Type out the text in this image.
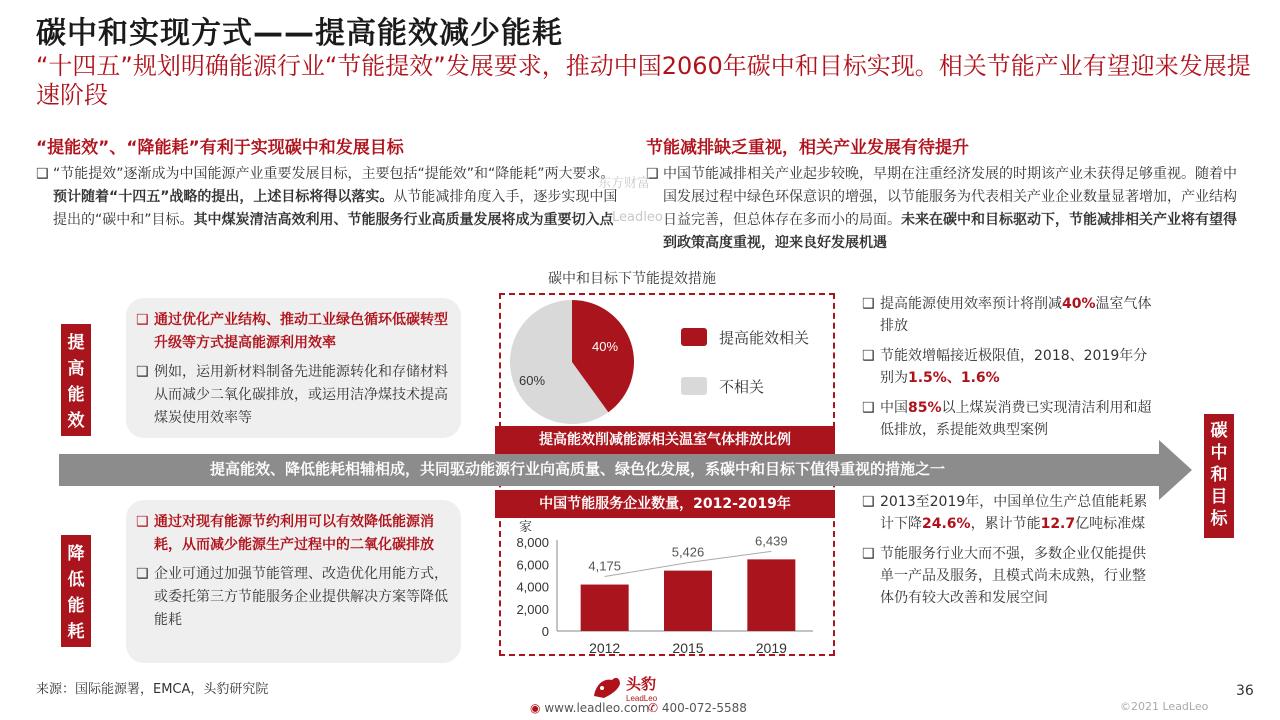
碳中和实现方式——提高能效减少能耗
“十四五”规划明确能源行业“节能提效”发展要求，推动中国2060年碳中和目标实现。相关节能产业有望迎来发展提速阶段
“提能效”、“降能耗”有利于实现碳中和发展目标
❑ “节能提效”逐渐成为中国能源产业重要发展目标，主要包括“提能效”和“降能耗”两大要求。预计随着“十四五”战略的提出，上述目标将得以落实。从节能减排角度入手，逐步实现中国提出的“碳中和”目标。其中煤炭清洁高效利用、节能服务行业高质量发展将成为重要切入点
节能减排缺乏重视，相关产业发展有待提升
❑ 中国节能减排相关产业起步较晚，早期在注重经济发展的时期该产业未获得足够重视。随着中国发展过程中绿色环保意识的增强，以节能服务为代表相关产业企业数量显著增加，产业结构日益完善，但总体存在多而小的局面。未来在碳中和目标驱动下，节能减排相关产业将有望得到政策高度重视，迎来良好发展机遇
提
高
能
效
降
低
能
耗
碳
中
和
目
标
❑ 通过优化产业结构、推动工业绿色循环低碳转型升级等方式提高能源利用效率
❑ 例如，运用新材料制备先进能源转化和存储材料从而减少二氧化碳排放，或运用洁净煤技术提高煤炭使用效率等
❑ 通过对现有能源节约利用可以有效降低能源消耗，从而减少能源生产过程中的二氧化碳排放
❑ 企业可通过加强节能管理、改造优化用能方式，或委托第三方节能服务企业提供解决方案等降低能耗
碳中和目标下节能提效措施
40%
60%
提高能效相关
不相关
提高能效削减能源相关温室气体排放比例
提高能效、降低能耗相辅相成，共同驱动能源行业向高质量、绿色化发展，系碳中和目标下值得重视的措施之一
中国节能服务企业数量，2012-2019年
家
8,000
6,000
4,000
2,000
0
4,175
2012
5,426
2015
6,439
2019
❑ 提高能源使用效率预计将削减40%温室气体排放
❑ 节能效增幅接近极限值，2018、2019年分别为1.5%、1.6%
❑ 中国85%以上煤炭消费已实现清洁利用和超低排放，系提能效典型案例
❑ 2013至2019年，中国单位生产总值能耗累计下降24.6%，累计节能12.7亿吨标准煤
❑ 节能服务行业大而不强，多数企业仅能提供单一产品及服务，且模式尚未成熟，行业整体仍有较大改善和发展空间
东方财富
Leadleo
来源：国际能源署，EMCA，头豹研究院	头豹
LeadLeo
◉ www.leadleo.com
✆ 400-072-5588
36
©2021 LeadLeo
